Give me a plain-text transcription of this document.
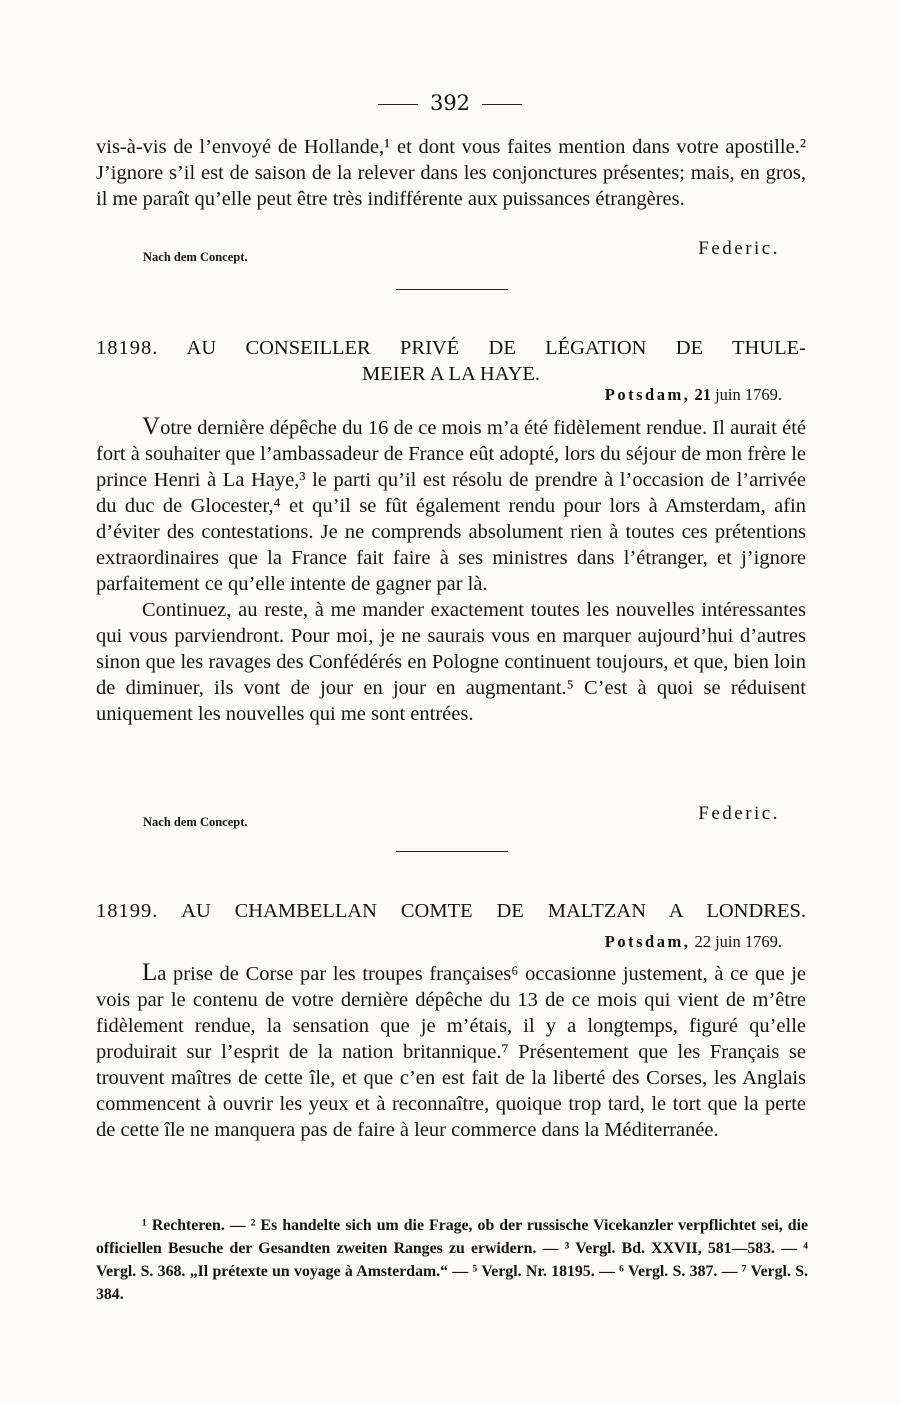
392

vis-à-vis de l’envoyé de Hollande,¹ et dont vous faites mention dans votre apostille.² J’ignore s’il est de saison de la relever dans les conjonctures présentes; mais, en gros, il me paraît qu’elle peut être très indifférente aux puissances étrangères.

Nach dem Concept.	Federic.
18198. AU CONSEILLER PRIVÉ DE LÉGATION DE THULE-
MEIER A LA HAYE.
Potsdam, 21 juin 1769.

Votre dernière dépêche du 16 de ce mois m’a été fidèlement rendue. Il aurait été fort à souhaiter que l’ambassadeur de France eût adopté, lors du séjour de mon frère le prince Henri à La Haye,³ le parti qu’il est résolu de prendre à l’occasion de l’arrivée du duc de Glocester,⁴ et qu’il se fût également rendu pour lors à Amsterdam, afin d’éviter des contestations. Je ne comprends absolument rien à toutes ces prétentions extraordinaires que la France fait faire à ses ministres dans l’étranger, et j’ignore parfaitement ce qu’elle intente de gagner par là.

Continuez, au reste, à me mander exactement toutes les nouvelles intéressantes qui vous parviendront. Pour moi, je ne saurais vous en marquer aujourd’hui d’autres sinon que les ravages des Confédérés en Pologne continuent toujours, et que, bien loin de diminuer, ils vont de jour en jour en augmentant.⁵ C’est à quoi se réduisent uniquement les nouvelles qui me sont entrées.

Nach dem Concept.	Federic.
18199. AU CHAMBELLAN COMTE DE MALTZAN A LONDRES.
Potsdam, 22 juin 1769.

La prise de Corse par les troupes françaises⁶ occasionne justement, à ce que je vois par le contenu de votre dernière dépêche du 13 de ce mois qui vient de m’être fidèlement rendue, la sensation que je m’étais, il y a longtemps, figuré qu’elle produirait sur l’esprit de la nation britannique.⁷ Présentement que les Français se trouvent maîtres de cette île, et que c’en est fait de la liberté des Corses, les Anglais commencent à ouvrir les yeux et à reconnaître, quoique trop tard, le tort que la perte de cette île ne manquera pas de faire à leur commerce dans la Méditerranée.

¹ Rechteren. — ² Es handelte sich um die Frage, ob der russische Vicekanzler verpflichtet sei, die officiellen Besuche der Gesandten zweiten Ranges zu erwidern. — ³ Vergl. Bd. XXVII, 581—583. — ⁴ Vergl. S. 368. „Il prétexte un voyage à Amsterdam.“ — ⁵ Vergl. Nr. 18195. — ⁶ Vergl. S. 387. — ⁷ Vergl. S. 384.
